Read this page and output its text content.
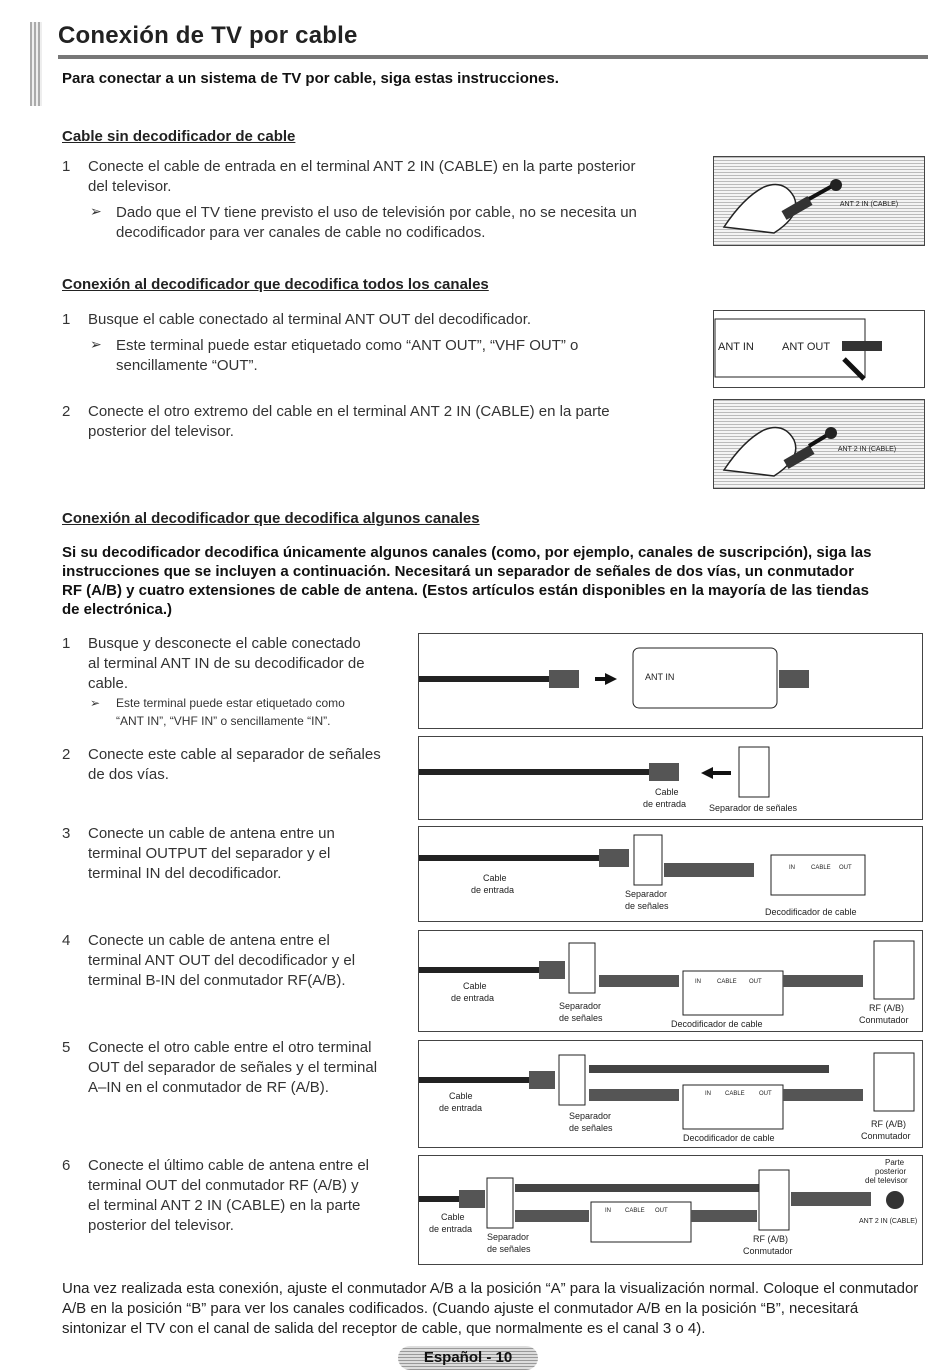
Conexión de TV por cable
Para conectar a un sistema de TV por cable, siga estas instrucciones.
Cable sin decodificador de cable
1 Conecte el cable de entrada en el terminal ANT 2 IN (CABLE) en la parte posterior
del televisor.
➢ Dado que el TV tiene previsto el uso de televisión por cable, no se necesita un
decodificador para ver canales de cable no codificados.
ANT 2 IN (CABLE)
Conexión al decodificador que decodifica todos los canales
1 Busque el cable conectado al terminal ANT OUT del decodificador.
➢ Este terminal puede estar etiquetado como “ANT OUT”, “VHF OUT” o
sencillamente “OUT”.
2 Conecte el otro extremo del cable en el terminal ANT 2 IN (CABLE) en la parte
posterior del televisor.
ANT IN	ANT OUT
ANT 2 IN (CABLE)
Conexión al decodificador que decodifica algunos canales
Si su decodificador decodifica únicamente algunos canales (como, por ejemplo, canales de suscripción), siga las
instrucciones que se incluyen a continuación. Necesitará un separador de señales de dos vías, un conmutador
RF (A/B) y cuatro extensiones de cable de antena. (Estos artículos están disponibles en la mayoría de las tiendas
de electrónica.)
1 Busque y desconecte el cable conectado
al terminal ANT IN de su decodificador de
cable.
➢ Este terminal puede estar etiquetado como
“ANT IN”, “VHF IN” o sencillamente “IN”.
2 Conecte este cable al separador de señales
de dos vías.
3 Conecte un cable de antena entre un
terminal OUTPUT del separador y el
terminal IN del decodificador.
4 Conecte un cable de antena entre el
terminal ANT OUT del decodificador y el
terminal B-IN del conmutador RF(A/B).
5 Conecte el otro cable entre el otro terminal
OUT del separador de señales y el terminal
A–IN en el conmutador de RF (A/B).
6 Conecte el último cable de antena entre el
terminal OUT del conmutador RF (A/B) y
el terminal ANT 2 IN (CABLE) en la parte
posterior del televisor.
ANT IN
Cable
de entrada	Separador de señales
Cable
de entrada	Separador
de señales
IN	CABLE OUT
Decodificador de cable
Cable
de entrada
Separador
de señales
IN	CABLE OUT
Decodificador de cable
RF (A/B)
Conmutador
Cable
de entrada
Separador
de señales
IN CABLE OUT
Decodificador de cable
RF (A/B)
Conmutador
Cable
de entrada
Separador
de señales
IN CABLE OUT
RF (A/B)
Conmutador
Parte
posterior
del televisor
ANT 2 IN (CABLE)
Una vez realizada esta conexión, ajuste el conmutador A/B a la posición “A” para la visualización normal. Coloque el conmutador A/B en la posición “B” para ver los canales codificados. (Cuando ajuste el conmutador A/B en la posición “B”, necesitará sintonizar el TV con el canal de salida del receptor de cable, que normalmente es el canal 3 o 4).
Español - 10
